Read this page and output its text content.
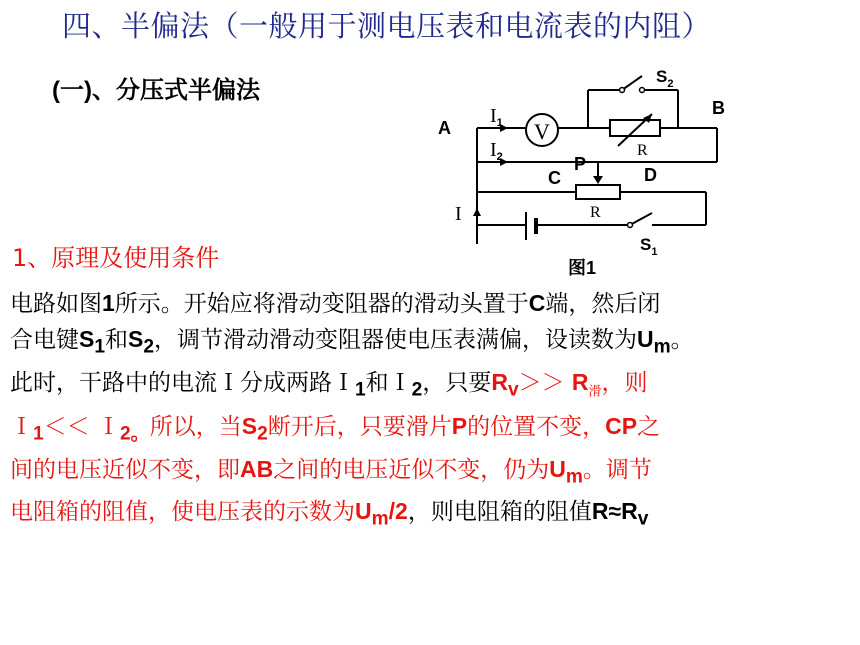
四、半偏法（一般用于测电压表和电流表的内阻）
(一)、分压式半偏法
$I_1$
$I_2$
I
V
R
R
A
B
C	D
P
$S_2$
$S_1$
图1
1、原理及使用条件
电路如图1所示。开始应将滑动变阻器的滑动头置于C端，然后闭
合电键$S_1$和$S_2$，调节滑动滑动变阻器使电压表满偏，设读数为$U_m$。
此时，干路中的电流Ｉ分成两路Ｉ$_1$和Ｉ$_2$，只要$R_v>> R_滑$，则
Ｉ$_1$＜＜ Ｉ$_{2。}$所以，当$S_2$断开后，只要滑片P的位置不变，CP之
间的电压近似不变，即AB之间的电压近似不变，仍为$U_m$。调节
电阻箱的阻值，使电压表的示数为$U_m/2$，则电阻箱的阻值$R\approx R_v$
